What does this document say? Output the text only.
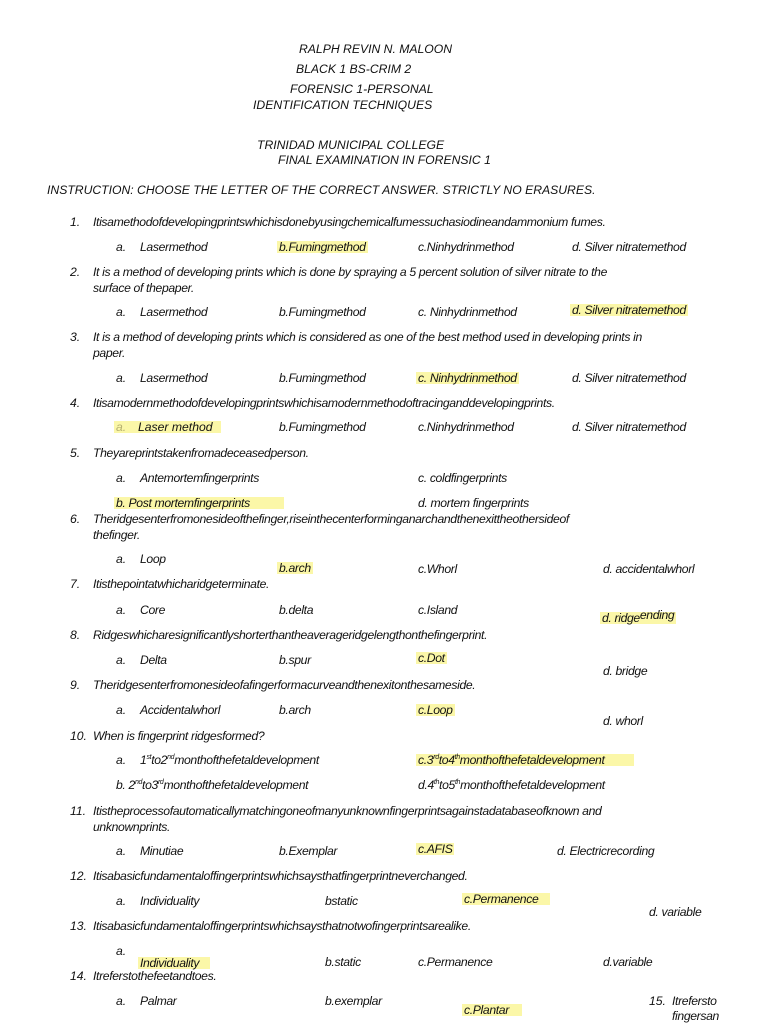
RALPH REVIN N. MALOON
BLACK 1 BS-CRIM 2
FORENSIC 1-PERSONAL
IDENTIFICATION TECHNIQUES
TRINIDAD MUNICIPAL COLLEGE
FINAL EXAMINATION IN FORENSIC 1
INSTRUCTION: CHOOSE THE LETTER OF THE CORRECT ANSWER. STRICTLY NO ERASURES.
1. Itisamethodofdevelopingprintswhichisdonebyusingchemicalfumessuchasiodineandammonium fumes.
a. Lasermethod	b.Fumingmethod	c.Ninhydrinmethod	d. Silver nitratemethod
2. It is a method of developing prints which is done by spraying a 5 percent solution of silver nitrate to the
surface of thepaper.
a. Lasermethod	b.Fumingmethod	c. Ninhydrinmethod	d. Silver nitratemethod
3. It is a method of developing prints which is considered as one of the best method used in developing prints in
paper.
a. Lasermethod	b.Fumingmethod	c. Ninhydrinmethod	d. Silver nitratemethod
4. Itisamodernmethodofdevelopingprintswhichisamodernmethodoftracinganddevelopingprints.
a. Laser method	b.Fumingmethod	c.Ninhydrinmethod	d. Silver nitratemethod
5. Theyareprintstakenfromadeceasedperson.
a. Antemortemfingerprints	c. coldfingerprints
b. Post mortemfingerprints	d. mortem fingerprints
6. Theridgesenterfromonesideofthefinger,riseinthecenterforminganarchandthenexittheothersideof
thefinger.
a. Loop
b.arch	c.Whorl	d. accidentalwhorl
7. Itisthepointatwhicharidgeterminate.
a. Core	b.delta	c.Island
d. ridgeending
8. Ridgeswhicharesignificantlyshorterthantheaverageridgelengthonthefingerprint.
a. Delta	b.spur	c.Dot
d. bridge
9. Theridgesenterfromonesideofafingerformacurveandthenexitonthesameside.
a. Accidentalwhorl	b.arch	c.Loop
d. whorl
10. When is fingerprint ridgesformed?
a. 1stto2ndmonthofthefetaldevelopment	c.3rdto4thmonthofthefetaldevelopment
b. 2ndto3rdmonthofthefetaldevelopment	d.4thto5thmonthofthefetaldevelopment
11. Itistheprocessofautomaticallymatchingoneofmanyunknownfingerprintsagainstadatabaseofknown and
unknownprints.
a. Minutiae	b.Exemplar	c.AFIS	d. Electricrecording
12. Itisabasicfundamentaloffingerprintswhichsaysthatfingerprintneverchanged.
a. Individuality	bstatic	c.Permanence
d. variable
13. Itisabasicfundamentaloffingerprintswhichsaysthatnotwofingerprintsarealike.
a.
Individuality	b.static	c.Permanence	d.variable
14. Itreferstothefeetandtoes.
a. Palmar	b.exemplar
c.Plantar
15. Itrefersto
fingersan
